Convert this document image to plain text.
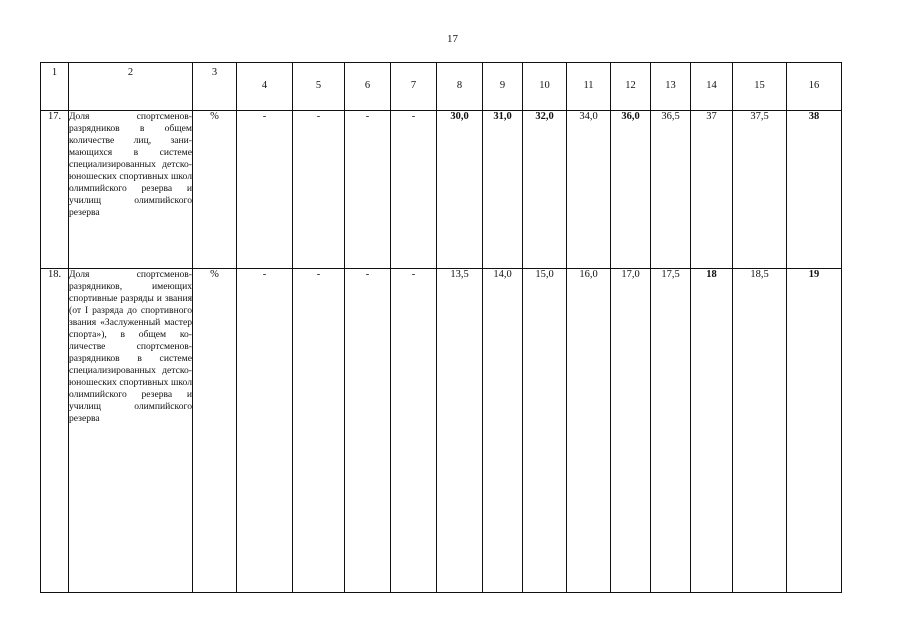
17
1	2	3	4	5	6	7	8	9	10	11	12	13	14	15	16
17.	Доля спортсменов-разрядников в общем количестве лиц, зани-мающихся в системе специализированных детско-юношеских спортивных школ олимпийского резерва и училищ олимпийского резерва	%	-	-	-	-	30,0	31,0	32,0	34,0	36,0	36,5	37	37,5	38
18.	Доля спортсменов-разрядников, имеющих спортивные разряды и звания (от I разряда до спортивного звания «Заслуженный мастер спорта»), в общем ко-личестве спортсменов-разрядников в системе специализированных детско-юношеских спортивных школ олимпийского резерва и училищ олимпийского резерва	%	-	-	-	-	13,5	14,0	15,0	16,0	17,0	17,5	18	18,5	19
